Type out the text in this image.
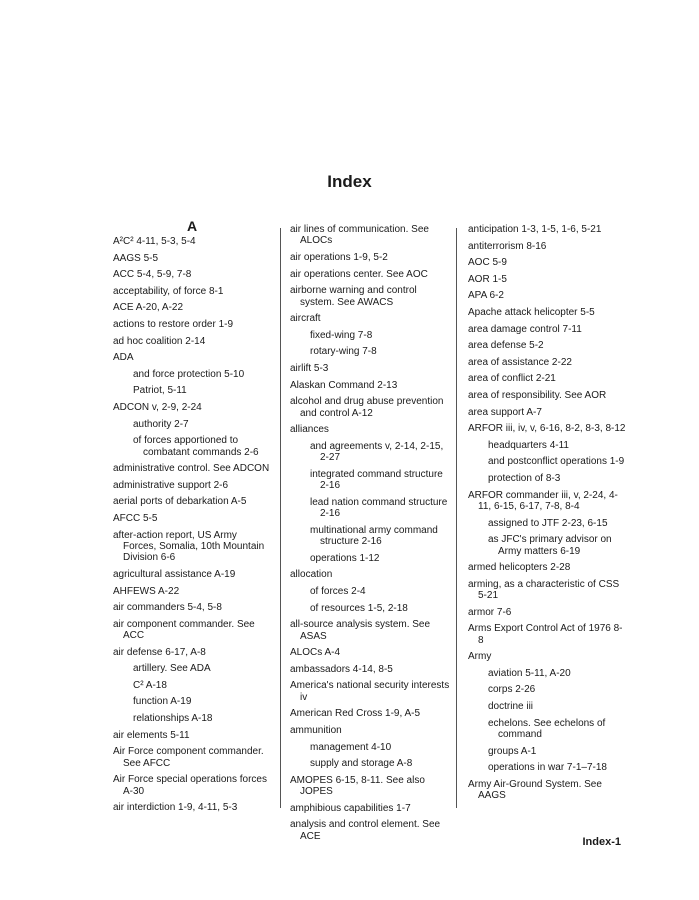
Index
A
A²C² 4-11, 5-3, 5-4
AAGS 5-5
ACC 5-4, 5-9, 7-8
acceptability, of force 8-1
ACE A-20, A-22
actions to restore order 1-9
ad hoc coalition 2-14
ADA
and force protection 5-10
Patriot, 5-11
ADCON v, 2-9, 2-24
authority 2-7
of forces apportioned to combatant commands 2-6
administrative control. See ADCON
administrative support 2-6
aerial ports of debarkation A-5
AFCC 5-5
after-action report, US Army Forces, Somalia, 10th Mountain Division 6-6
agricultural assistance A-19
AHFEWS A-22
air commanders 5-4, 5-8
air component commander. See ACC
air defense 6-17, A-8
artillery. See ADA
C² A-18
function A-19
relationships A-18
air elements 5-11
Air Force component commander. See AFCC
Air Force special operations forces A-30
air interdiction 1-9, 4-11, 5-3
air lines of communication. See ALOCs
air operations 1-9, 5-2
air operations center. See AOC
airborne warning and control system. See AWACS
aircraft
fixed-wing 7-8
rotary-wing 7-8
airlift 5-3
Alaskan Command 2-13
alcohol and drug abuse prevention and control A-12
alliances
and agreements v, 2-14, 2-15, 2-27
integrated command structure 2-16
lead nation command structure 2-16
multinational army command structure 2-16
operations 1-12
allocation
of forces 2-4
of resources 1-5, 2-18
all-source analysis system. See ASAS
ALOCs A-4
ambassadors 4-14, 8-5
America's national security interests iv
American Red Cross 1-9, A-5
ammunition
management 4-10
supply and storage A-8
AMOPES 6-15, 8-11. See also JOPES
amphibious capabilities 1-7
analysis and control element. See ACE
anticipation 1-3, 1-5, 1-6, 5-21
antiterrorism 8-16
AOC 5-9
AOR 1-5
APA 6-2
Apache attack helicopter 5-5
area damage control 7-11
area defense 5-2
area of assistance 2-22
area of conflict 2-21
area of responsibility. See AOR
area support A-7
ARFOR iii, iv, v, 6-16, 8-2, 8-3, 8-12
headquarters 4-11
and postconflict operations 1-9
protection of 8-3
ARFOR commander iii, v, 2-24, 4-11, 6-15, 6-17, 7-8, 8-4
assigned to JTF 2-23, 6-15
as JFC's primary advisor on Army matters 6-19
armed helicopters 2-28
arming, as a characteristic of CSS 5-21
armor 7-6
Arms Export Control Act of 1976 8-8
Army
aviation 5-11, A-20
corps 2-26
doctrine iii
echelons. See echelons of command
groups A-1
operations in war 7-1–7-18
Army Air-Ground System. See AAGS
Index-1
